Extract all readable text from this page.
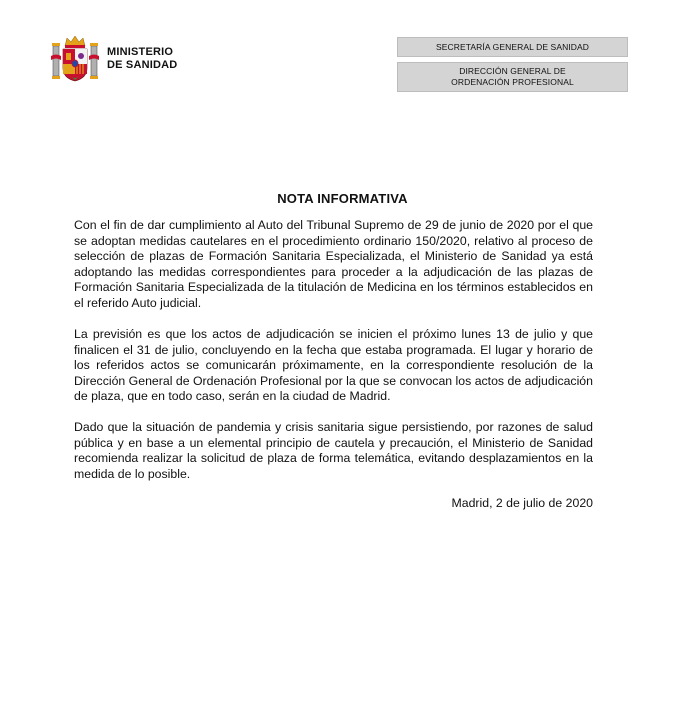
MINISTERIO
DE SANIDAD
SECRETARÍA GENERAL DE SANIDAD
DIRECCIÓN GENERAL DE
ORDENACIÓN PROFESIONAL
NOTA INFORMATIVA

Con el fin de dar cumplimiento al Auto del Tribunal Supremo de 29 de junio de 2020 por el que se adoptan medidas cautelares en el procedimiento ordinario 150/2020, relativo al proceso de selección de plazas de Formación Sanitaria Especializada, el Ministerio de Sanidad ya está adoptando las medidas correspondientes para proceder a la adjudicación de las plazas de Formación Sanitaria Especializada de la titulación de Medicina en los términos establecidos en el referido Auto judicial.

La previsión es que los actos de adjudicación se inicien el próximo lunes 13 de julio y que finalicen el 31 de julio, concluyendo en la fecha que estaba programada. El lugar y horario de los referidos actos se comunicarán próximamente, en la correspondiente resolución de la Dirección General de Ordenación Profesional por la que se convocan los actos de adjudicación de plaza, que en todo caso, serán en la ciudad de Madrid.

Dado que la situación de pandemia y crisis sanitaria sigue persistiendo, por razones de salud pública y en base a un elemental principio de cautela y precaución, el Ministerio de Sanidad recomienda realizar la solicitud de plaza de forma telemática, evitando desplazamientos en la medida de lo posible.

Madrid, 2 de julio de 2020
